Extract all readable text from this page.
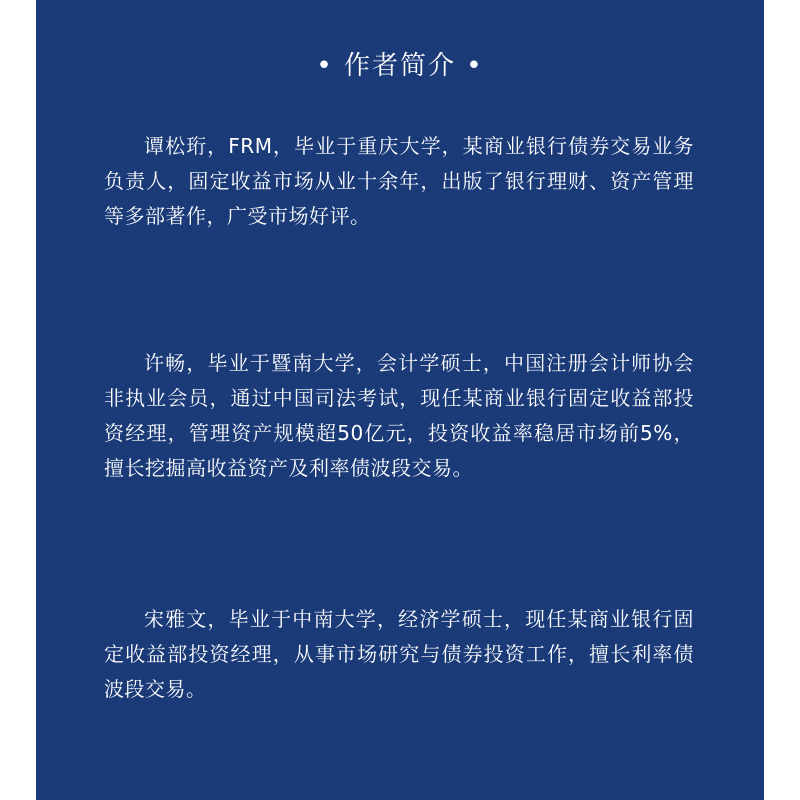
• 作者简介 •

谭松珩，FRM，毕业于重庆大学，某商业银行债券交易业务负责人，固定收益市场从业十余年，出版了银行理财、资产管理等多部著作，广受市场好评。

许畅，毕业于暨南大学，会计学硕士，中国注册会计师协会非执业会员，通过中国司法考试，现任某商业银行固定收益部投资经理，管理资产规模超50亿元，投资收益率稳居市场前5%，擅长挖掘高收益资产及利率债波段交易。

宋雅文，毕业于中南大学，经济学硕士，现任某商业银行固定收益部投资经理，从事市场研究与债券投资工作，擅长利率债波段交易。
